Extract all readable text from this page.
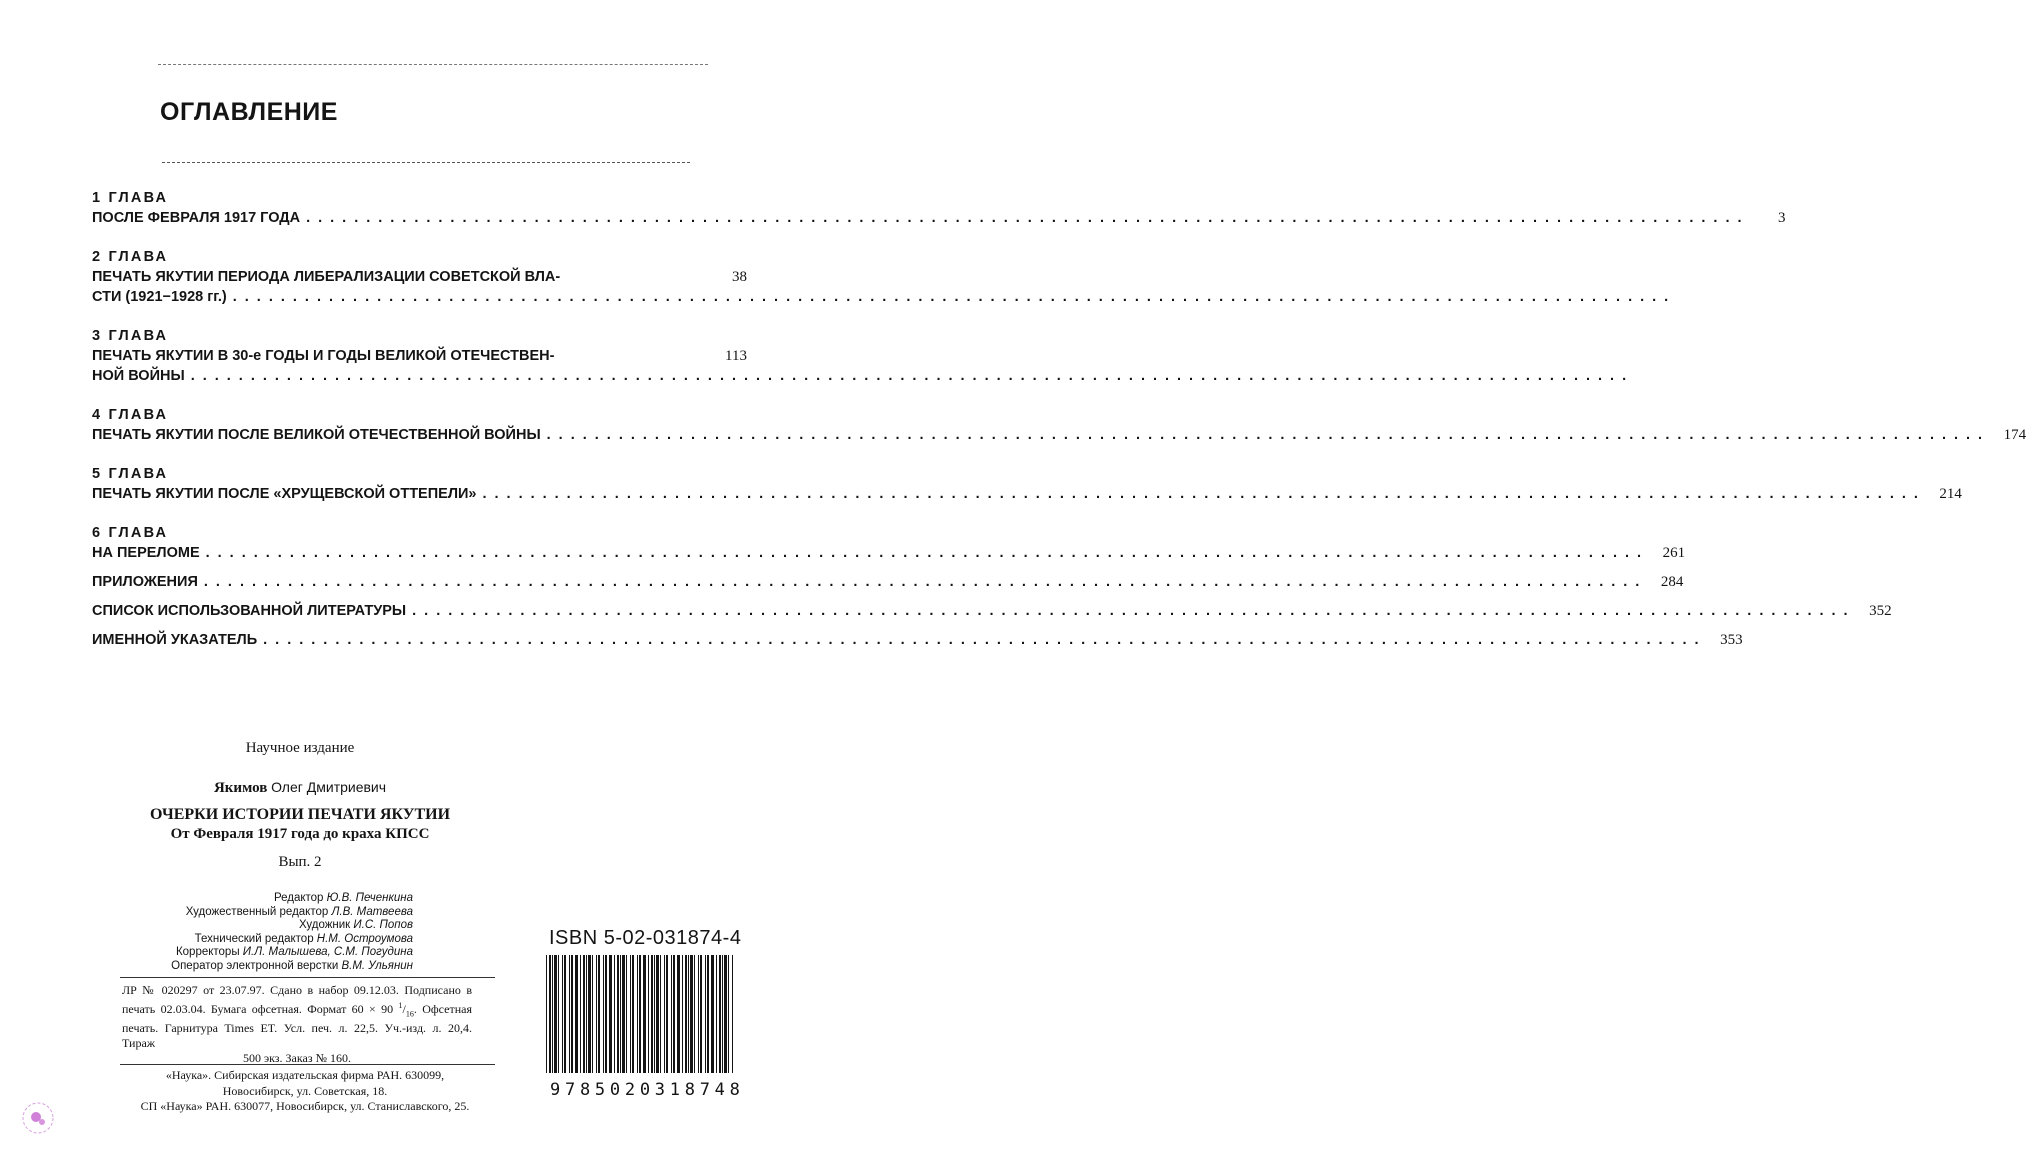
ОГЛАВЛЕНИЕ
1 ГЛАВА
ПОСЛЕ ФЕВРАЛЯ 1917 ГОДА ........................................................................................................................	3
2 ГЛАВА
ПЕЧАТЬ ЯКУТИИ ПЕРИОДА ЛИБЕРАЛИЗАЦИИ СОВЕТСКОЙ ВЛА-	38
СТИ (1921−1928 гг.) ........................................................................................................................
3 ГЛАВА
ПЕЧАТЬ ЯКУТИИ В 30-е ГОДЫ И ГОДЫ ВЕЛИКОЙ ОТЕЧЕСТВЕН-	113
НОЙ ВОЙНЫ ........................................................................................................................
4 ГЛАВА
ПЕЧАТЬ ЯКУТИИ ПОСЛЕ ВЕЛИКОЙ ОТЕЧЕСТВЕННОЙ ВОЙНЫ ........................................................................................................................ 174
5 ГЛАВА
ПЕЧАТЬ ЯКУТИИ ПОСЛЕ «ХРУЩЕВСКОЙ ОТТЕПЕЛИ» ........................................................................................................................ 214
6 ГЛАВА
НА ПЕРЕЛОМЕ ........................................................................................................................ 261
ПРИЛОЖЕНИЯ ........................................................................................................................ 284
СПИСОК ИСПОЛЬЗОВАННОЙ ЛИТЕРАТУРЫ ........................................................................................................................ 352
ИМЕННОЙ УКАЗАТЕЛЬ ........................................................................................................................ 353
Научное издание
Якимов Олег Дмитриевич
ОЧЕРКИ ИСТОРИИ ПЕЧАТИ ЯКУТИИ
От Февраля 1917 года до краха КПСС
Вып. 2
Редактор Ю.В. Печенкина
Художественный редактор Л.В. Матвеева
Художник И.С. Попов
Технический редактор Н.М. Остроумова
Корректоры И.Л. Малышева, С.М. Погудина
Оператор электронной верстки В.М. Ульянин
ЛР № 020297 от 23.07.97. Сдано в набор 09.12.03. Подписано в печать 02.03.04. Бумага офсетная. Формат 60 × 90 $^1/_{16}$. Офсетная печать. Гарнитура Times ET. Усл. печ. л. 22,5. Уч.-изд. л. 20,4. Тираж
500 экз. Заказ № 160.
«Наука». Сибирская издательская фирма РАН. 630099,
Новосибирск, ул. Советская, 18.
СП «Наука» РАН. 630077, Новосибирск, ул. Станиславского, 25.
ISBN 5-02-031874-4
9 7 8 5 0 2 0 3 1 8 7 4 8
